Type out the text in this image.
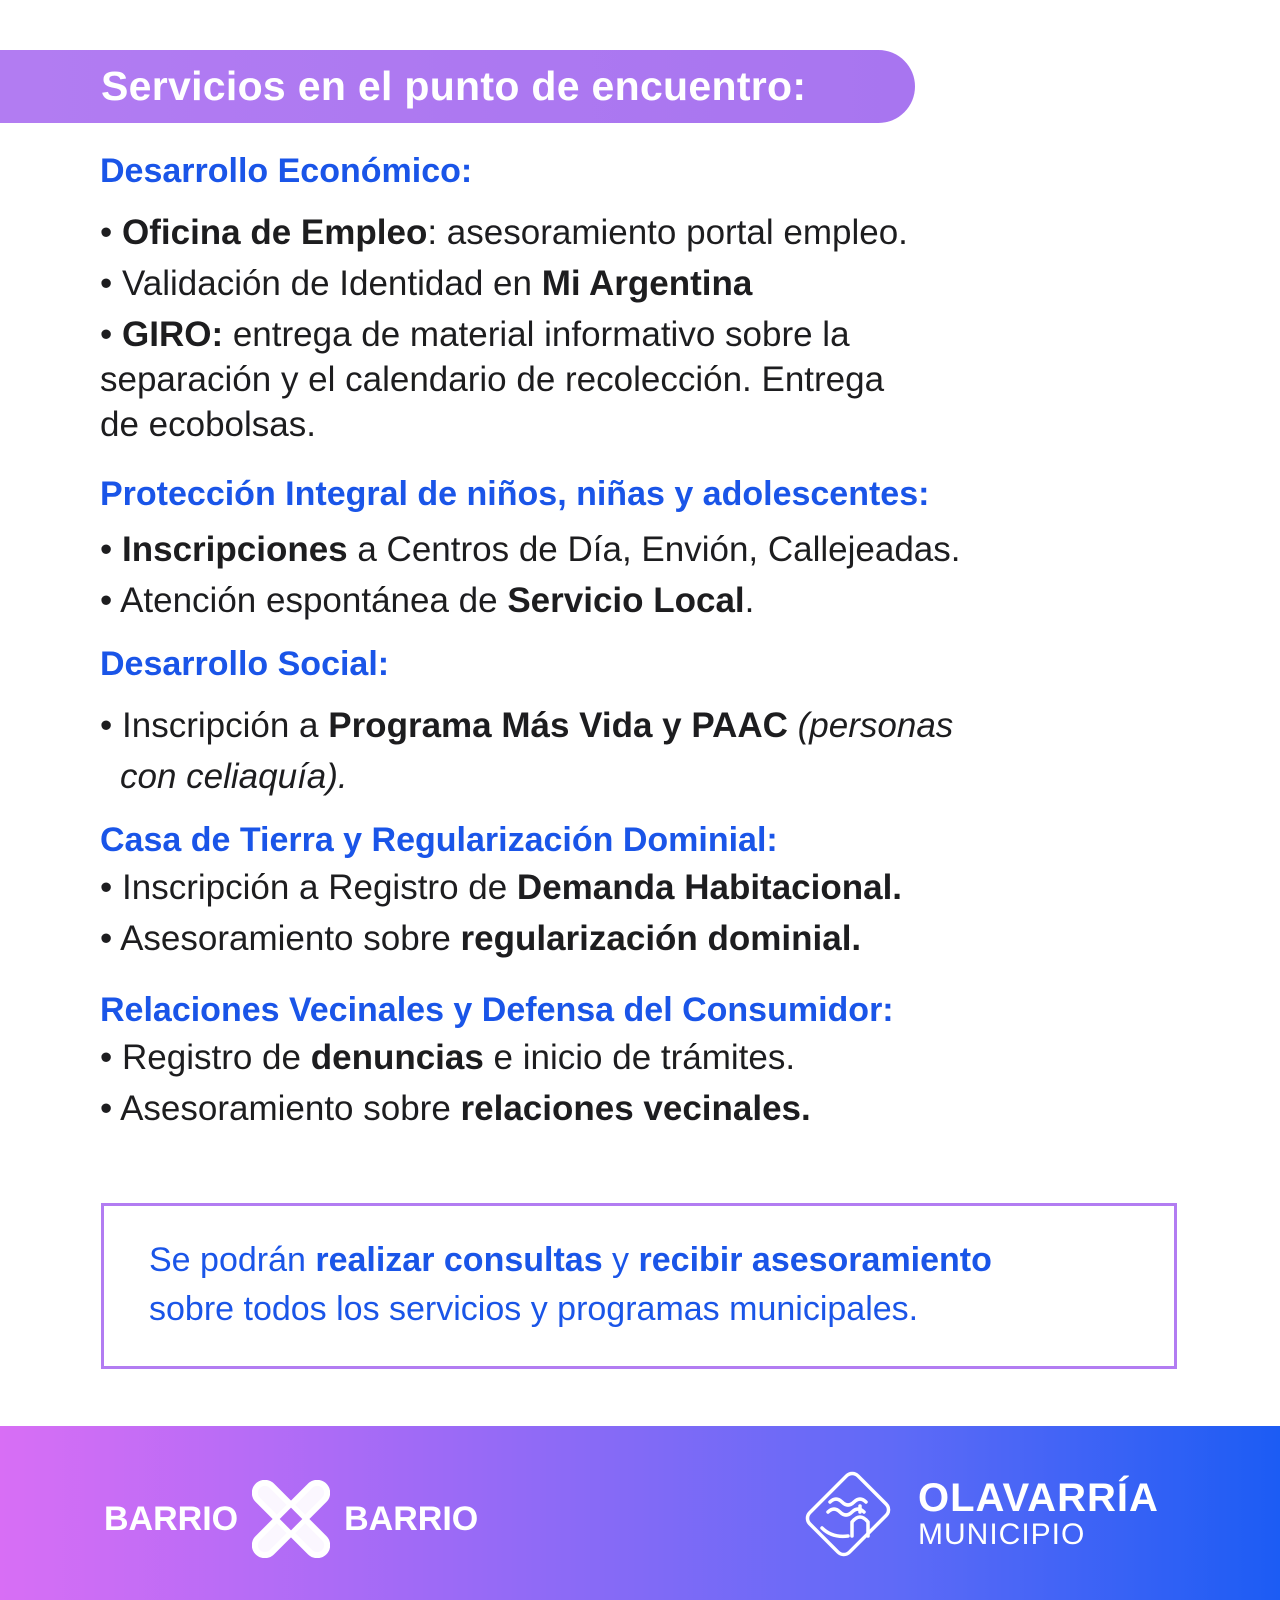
Servicios en el punto de encuentro:

Desarrollo Económico:

• Oficina de Empleo: asesoramiento portal empleo.

• Validación de Identidad en Mi Argentina

• GIRO: entrega de material informativo sobre la

separación y el calendario de recolección. Entrega

de ecobolsas.

Protección Integral de niños, niñas y adolescentes:

• Inscripciones a Centros de Día, Envión, Callejeadas.

• Atención espontánea de Servicio Local.

Desarrollo Social:

• Inscripción a Programa Más Vida y PAAC (personas

con celiaquía).

Casa de Tierra y Regularización Dominial:

• Inscripción a Registro de Demanda Habitacional.

• Asesoramiento sobre regularización dominial.

Relaciones Vecinales y Defensa del Consumidor:

• Registro de denuncias e inicio de trámites.

• Asesoramiento sobre relaciones vecinales.

Se podrán realizar consultas y recibir asesoramiento
sobre todos los servicios y programas municipales.
BARRIO	BARRIO	OLAVARRÍA
MUNICIPIO
